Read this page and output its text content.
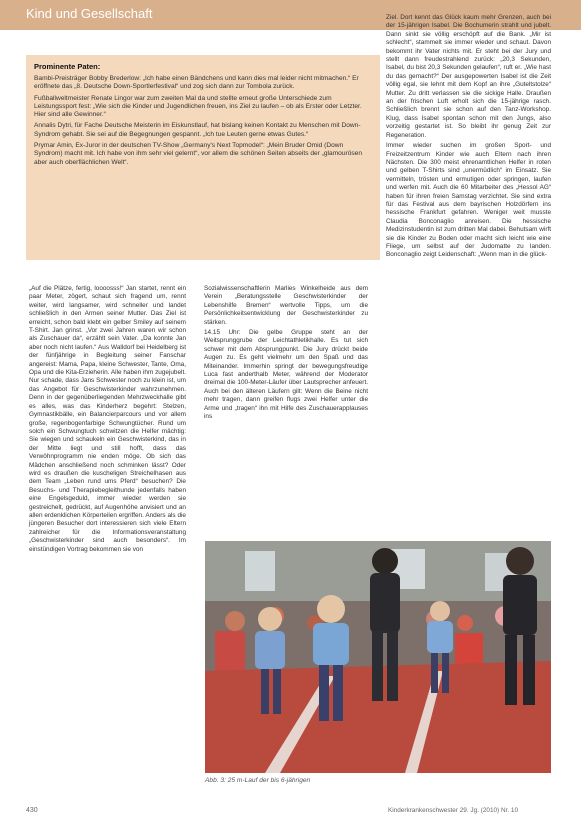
Kind und Gesellschaft
Prominente Paten:

Bambi-Preisträger Bobby Brederlow: „Ich habe einen Bändchens und kann dies mal leider nicht mitmachen.“ Er eröffnete das „8. Deutsche Down-Sportlerfestival“ und zog sich dann zur Tombola zurück.

Fußballweltmeister Renate Lingor war zum zweiten Mal da und stellte erneut große Unterschiede zum Leistungssport fest: „Wie sich die Kinder und Jugendlichen freuen, ins Ziel zu laufen – ob als Erster oder Letzter. Hier sind alle Gewinner.“

Annalis Dytri, für Fache Deutsche Meisterin im Eiskunstlauf, hat bislang keinen Kontakt zu Menschen mit Down-Syndrom gehabt. Sie sei auf die Begegnungen gespannt. „Ich tue Leuten gerne etwas Gutes.“

Prymar Amin, Ex-Juror in der deutschen TV-Show „Germany's Next Topmodel“: „Mein Bruder Omid (Down Syndrom) macht mit. Ich habe von ihm sehr viel gelernt“, vor allem die schönen Seiten abseits der „glamourösen aber auch oberflächlichen Welt“.

„Auf die Plätze, fertig, loooosss!“ Jan startet, rennt ein paar Meter, zögert, schaut sich fragend um, rennt weiter, wird langsamer, wird schneller und landet schließlich in den Armen seiner Mutter. Das Ziel ist erreicht, schon bald klebt ein gelber Smiley auf seinem T-Shirt. Jan grinst. „Vor zwei Jahren waren wir schon als Zuschauer da“, erzählt sein Vater. „Da konnte Jan aber noch nicht laufen.“ Aus Walldorf bei Heidelberg ist der fünfjährige in Begleitung seiner Fanschar angereist: Mama, Papa, kleine Schwester, Tante, Oma, Opa und die Kita-Erzieherin. Alle haben ihm zugejubelt. Nur schade, dass Jans Schwester noch zu klein ist, um das Angebot für Geschwisterkinder wahrzunehmen. Denn in der gegenüberliegenden Mehrzweckhalle gibt es alles, was das Kinderherz begehrt: Stelzen, Gymnastikbälle, ein Balancierparcours und vor allem große, regenbogenfarbige Schwungtücher. Rund um solch ein Schwungtuch schwitzen die Helfer mächtig: Sie wiegen und schaukeln ein Geschwisterkind, das in der Mitte liegt und still hofft, dass das Verwöhnprogramm nie enden möge. Ob sich das Mädchen anschließend noch schminken lässt? Oder wird es draußen die kuscheligen Streichelhasen aus dem Team „Leben rund ums Pferd“ besuchen? Die Besuchs- und Therapiebegleithunde jedenfalls haben eine Engelsgeduld, immer wieder werden sie gestreichelt, gedrückt, auf Augenhöhe anvisiert und an allen erdenklichen Körperteilen ergriffen. Anders als die jüngeren Besucher dort interessieren sich viele Eltern zahlreicher für die Informationsveranstaltung „Geschwisterkinder sind auch besonders“. Im einstündigen Vortrag bekommen sie von

Sozialwissenschaftlerin Marlies Winkelheide aus dem Verein „Beratungsstelle Geschwisterkinder der Lebenshilfe Bremen“ wertvolle Tipps, um die Persönlichkeitsentwicklung der Geschwisterkinder zu stärken.

14.15 Uhr: Die gelbe Gruppe steht an der Weitsprunggrube der Leichtathletikhalle. Es tut sich schwer mit dem Absprungpunkt. Die Jury drückt beide Augen zu. Es geht vielmehr um den Spaß und das Miteinander. Immerhin springt der bewegungsfreudige Luca fast anderthalb Meter, während der Moderator dreimal die 100-Meter-Läufer über Lautsprecher anfeuert. Auch bei den älteren Läufern gilt: Wenn die Beine nicht mehr tragen, dann greifen flugs zwei Helfer unter die Arme und „tragen“ ihn mit Hilfe des Zuschauerapplauses ins

Ziel. Dort kennt das Glück kaum mehr Grenzen, auch bei der 15-jährigen Isabel. Die Bochumerin strahlt und jubelt. Dann sinkt sie völlig erschöpft auf die Bank. „Mir ist schlecht“, stammelt sie immer wieder und schaut. Davon bekommt ihr Vater nichts mit. Er steht bei der Jury und stellt dann freudestrahlend zurück: „20,3 Sekunden, Isabel, du bist 20,3 Sekunden gelaufen“, ruft er. „Wie hast du das gemacht?“ Der ausgepowerten Isabel ist die Zeit völlig egal, sie lehnt mit dem Kopf an ihre „Guteltstolze“ Mutter. Zu dritt verlassen sie die sickige Halle. Draußen an der frischen Luft erholt sich die 15-jährige rasch. Schließlich brennt sie schon auf den Tanz-Workshop. Klug, dass Isabel spontan schon mit den Jungs, also vorzeitig gestartet ist. So bleibt ihr genug Zeit zur Regeneration.

Immer wieder suchen im großen Sport- und Freizeitzentrum Kinder wie auch Eltern nach ihren Nächsten. Die 300 meist ehrenamtlichen Helfer in roten und gelben T-Shirts sind „unermüdlich“ im Einsatz. Sie vermitteln, trösten und ermutigen oder springen, laufen und werfen mit. Auch die 60 Mitarbeiter des „Hessol AG“ haben für ihren freien Samstag verzichtet. Sie sind extra für das Festival aus dem bayrischen Holzdörfern ins hessische Frankfurt gefahren. Weniger weit musste Claudia Bonconaglio anreisen. Die hessische Medizinstudentin ist zum dritten Mal dabei. Behutsam wirft sie die Kinder zu Boden oder macht sich leicht wie eine Fliege, um selbst auf der Judomatte zu landen. Bonconaglio zeigt Leidenschaft: „Wenn man in die glück-

Abb. 3: 25 m-Lauf der bis 6-jährigen
430	Kinderkrankenschwester 29. Jg. (2010) Nr. 10
